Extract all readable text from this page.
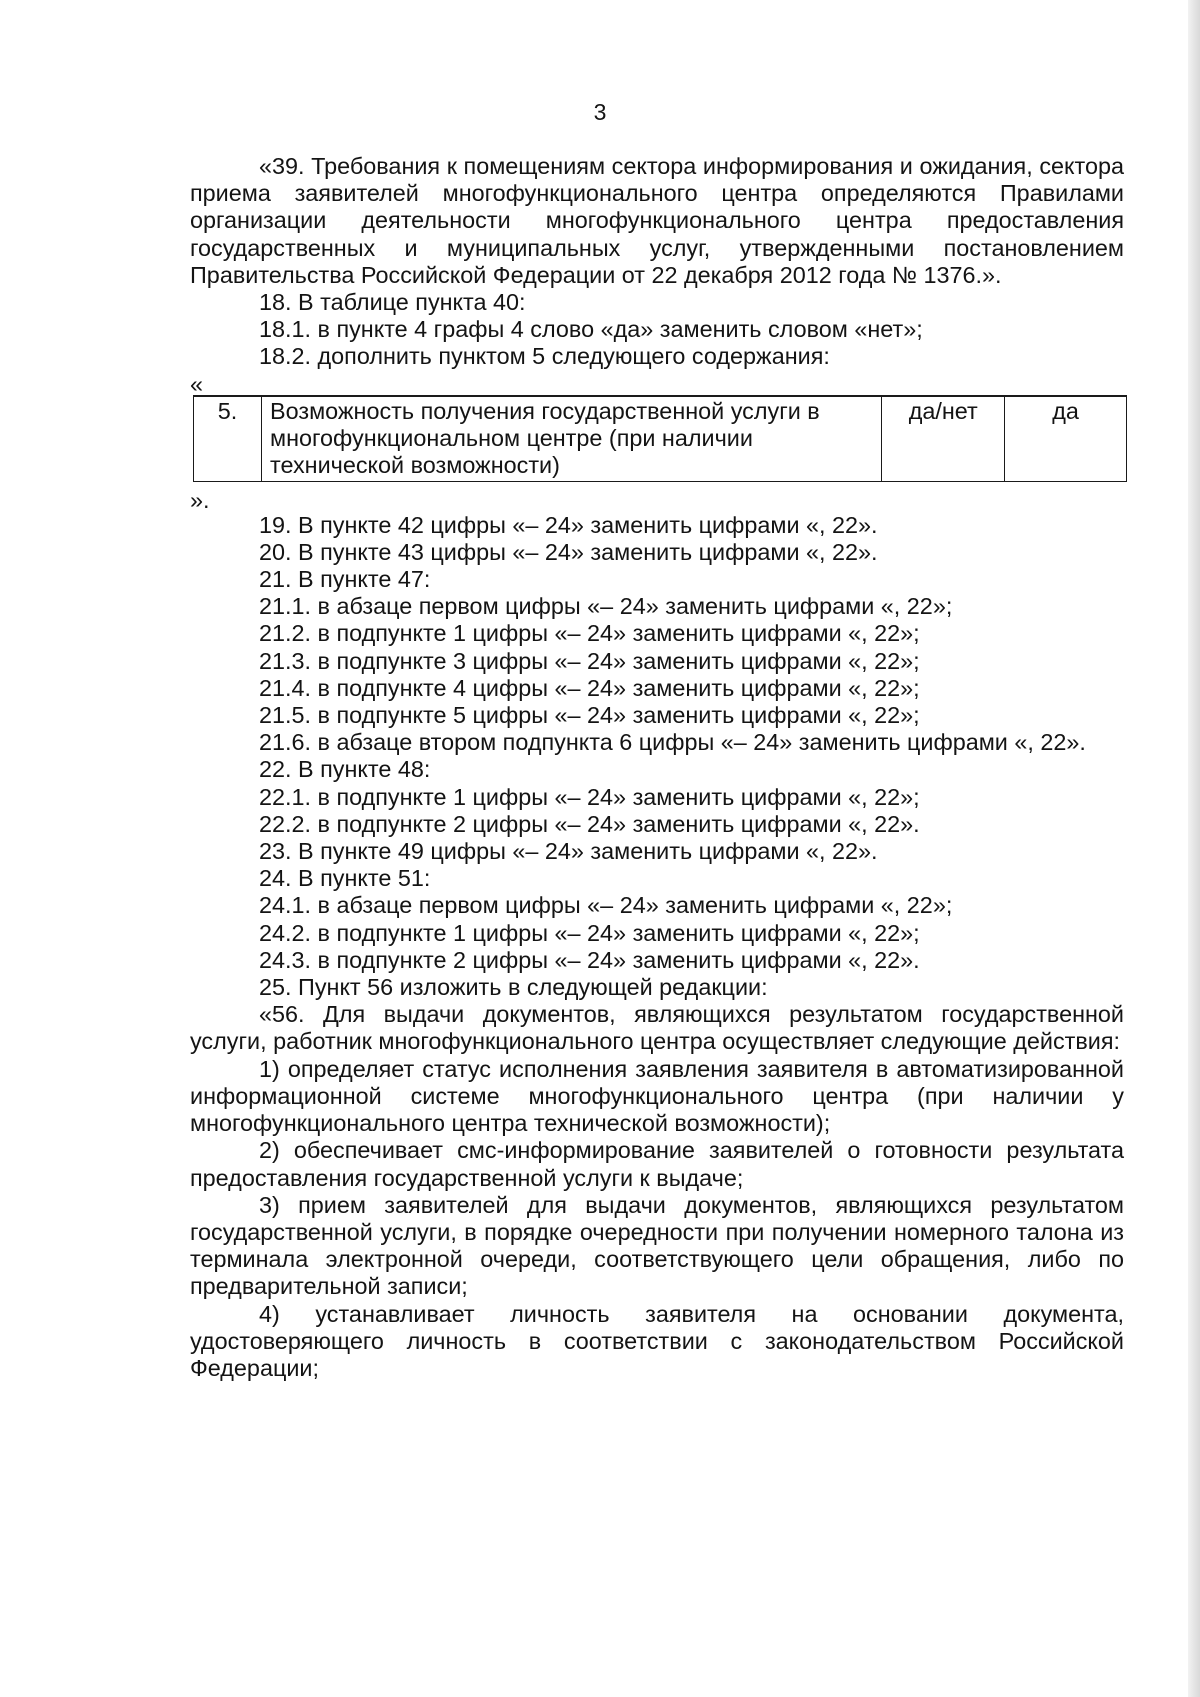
3

«39. Требования к помещениям сектора информирования и ожидания, сектора приема заявителей многофункционального центра определяются Правилами организации деятельности многофункционального центра предоставления государственных и муниципальных услуг, утвержденными постановлением Правительства Российской Федерации от 22 декабря 2012 года № 1376.».

18. В таблице пункта 40:

18.1. в пункте 4 графы 4 слово «да» заменить словом «нет»;

18.2. дополнить пунктом 5 следующего содержания:

«

5.	Возможность получения государственной услуги в многофункциональном центре (при наличии технической возможности)	да/нет	да

».

19. В пункте 42 цифры «– 24» заменить цифрами «, 22».

20. В пункте 43 цифры «– 24» заменить цифрами «, 22».

21. В пункте 47:

21.1. в абзаце первом цифры «– 24» заменить цифрами «, 22»;

21.2. в подпункте 1 цифры «– 24» заменить цифрами «, 22»;

21.3. в подпункте 3 цифры «– 24» заменить цифрами «, 22»;

21.4. в подпункте 4 цифры «– 24» заменить цифрами «, 22»;

21.5. в подпункте 5 цифры «– 24» заменить цифрами «, 22»;

21.6. в абзаце втором подпункта 6 цифры «– 24» заменить цифрами «, 22».

22. В пункте 48:

22.1. в подпункте 1 цифры «– 24» заменить цифрами «, 22»;

22.2. в подпункте 2 цифры «– 24» заменить цифрами «, 22».

23. В пункте 49 цифры «– 24» заменить цифрами «, 22».

24. В пункте 51:

24.1. в абзаце первом цифры «– 24» заменить цифрами «, 22»;

24.2. в подпункте 1 цифры «– 24» заменить цифрами «, 22»;

24.3. в подпункте 2 цифры «– 24» заменить цифрами «, 22».

25. Пункт 56 изложить в следующей редакции:

«56. Для выдачи документов, являющихся результатом государственной услуги, работник многофункционального центра осуществляет следующие действия:

1) определяет статус исполнения заявления заявителя в автоматизированной информационной системе многофункционального центра (при наличии у многофункционального центра технической возможности);

2) обеспечивает смс-информирование заявителей о готовности результата предоставления государственной услуги к выдаче;

3) прием заявителей для выдачи документов, являющихся результатом государственной услуги, в порядке очередности при получении номерного талона из терминала электронной очереди, соответствующего цели обращения, либо по предварительной записи;

4) устанавливает личность заявителя на основании документа, удостоверяющего личность в соответствии с законодательством Российской Федерации;
